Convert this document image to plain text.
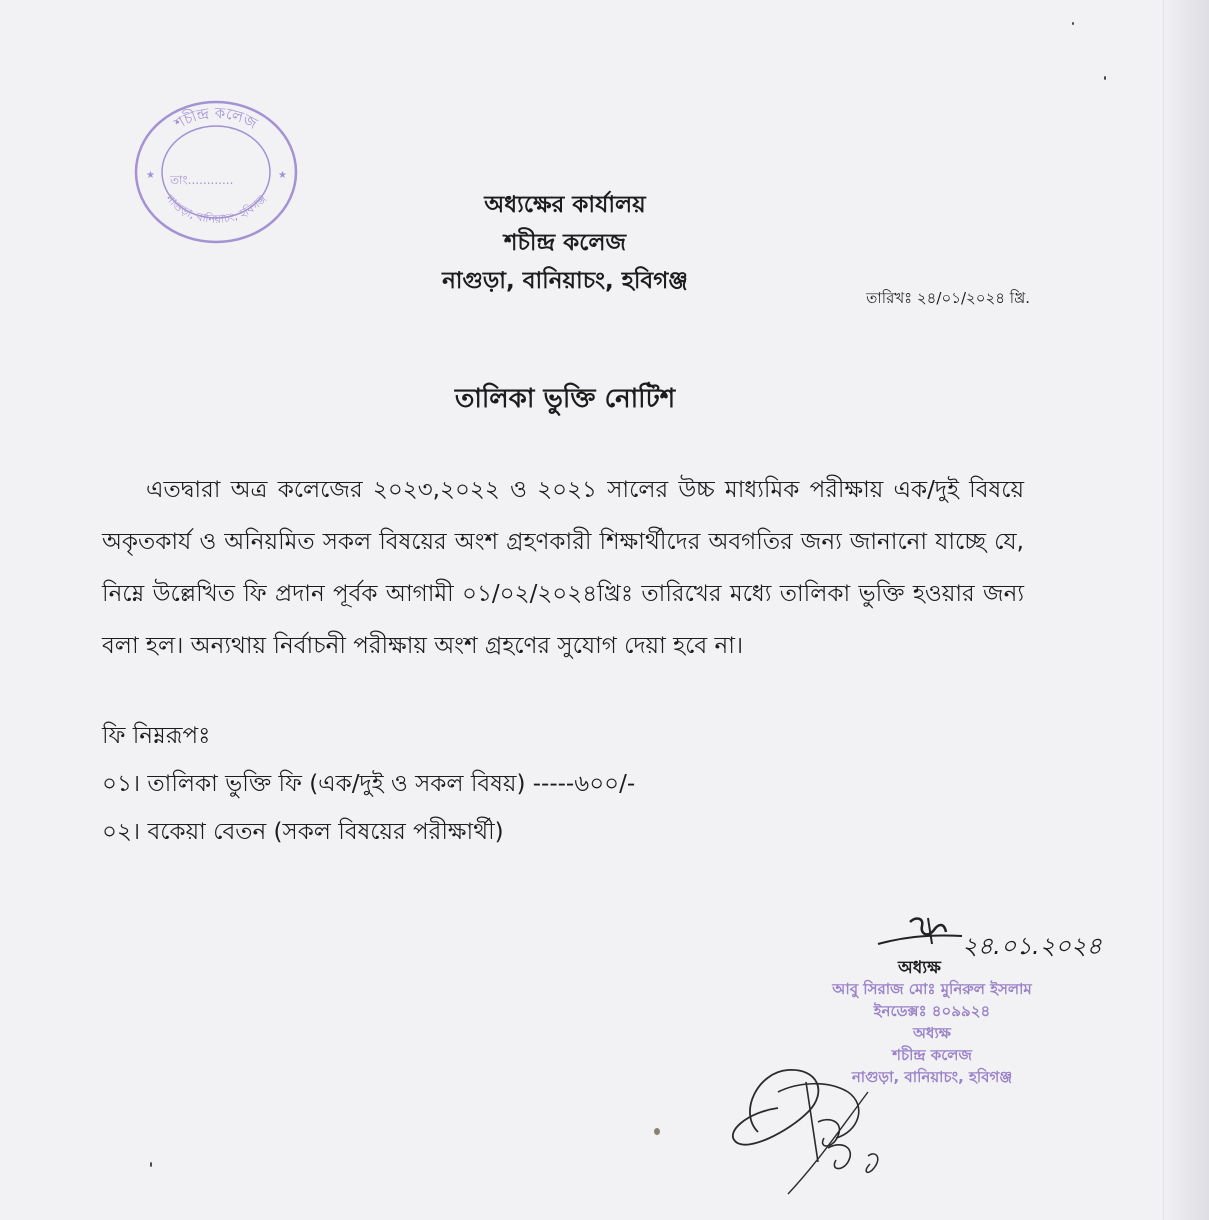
শচীন্দ্র কলেজ
নাগুড়া, বানিয়াচং, হবিগঞ্জ
তাং............
★	★
অধ্যক্ষের কার্যালয়
শচীন্দ্র কলেজ
নাগুড়া, বানিয়াচং, হবিগঞ্জ
তারিখঃ ২৪/০১/২০২৪ খ্রি.
তালিকা ভুক্তি নোটিশ
এতদ্বারা অত্র কলেজের ২০২৩,২০২২ ও ২০২১ সালের উচ্চ মাধ্যমিক পরীক্ষায় এক/দুই বিষয়ে অকৃতকার্য ও অনিয়মিত সকল বিষয়ের অংশ গ্রহণকারী শিক্ষার্থীদের অবগতির জন্য জানানো যাচ্ছে যে, নিম্নে উল্লেখিত ফি প্রদান পূর্বক আগামী ০১/০২/২০২৪খ্রিঃ তারিখের মধ্যে তালিকা ভুক্তি হওয়ার জন্য বলা হল। অন্যথায় নির্বাচনী পরীক্ষায় অংশ গ্রহণের সুযোগ দেয়া হবে না।
ফি নিম্নরূপঃ
০১। তালিকা ভুক্তি ফি (এক/দুই ও সকল বিষয়) -----৬০০/-
০২। বকেয়া বেতন (সকল বিষয়ের পরীক্ষার্থী)
২৪.০১.২০২৪
অধ্যক্ষ
আবু সিরাজ মোঃ মুনিরুল ইসলাম
ইনডেক্সঃ ৪০৯৯২৪
অধ্যক্ষ
শচীন্দ্র কলেজ
নাগুড়া, বানিয়াচং, হবিগঞ্জ
